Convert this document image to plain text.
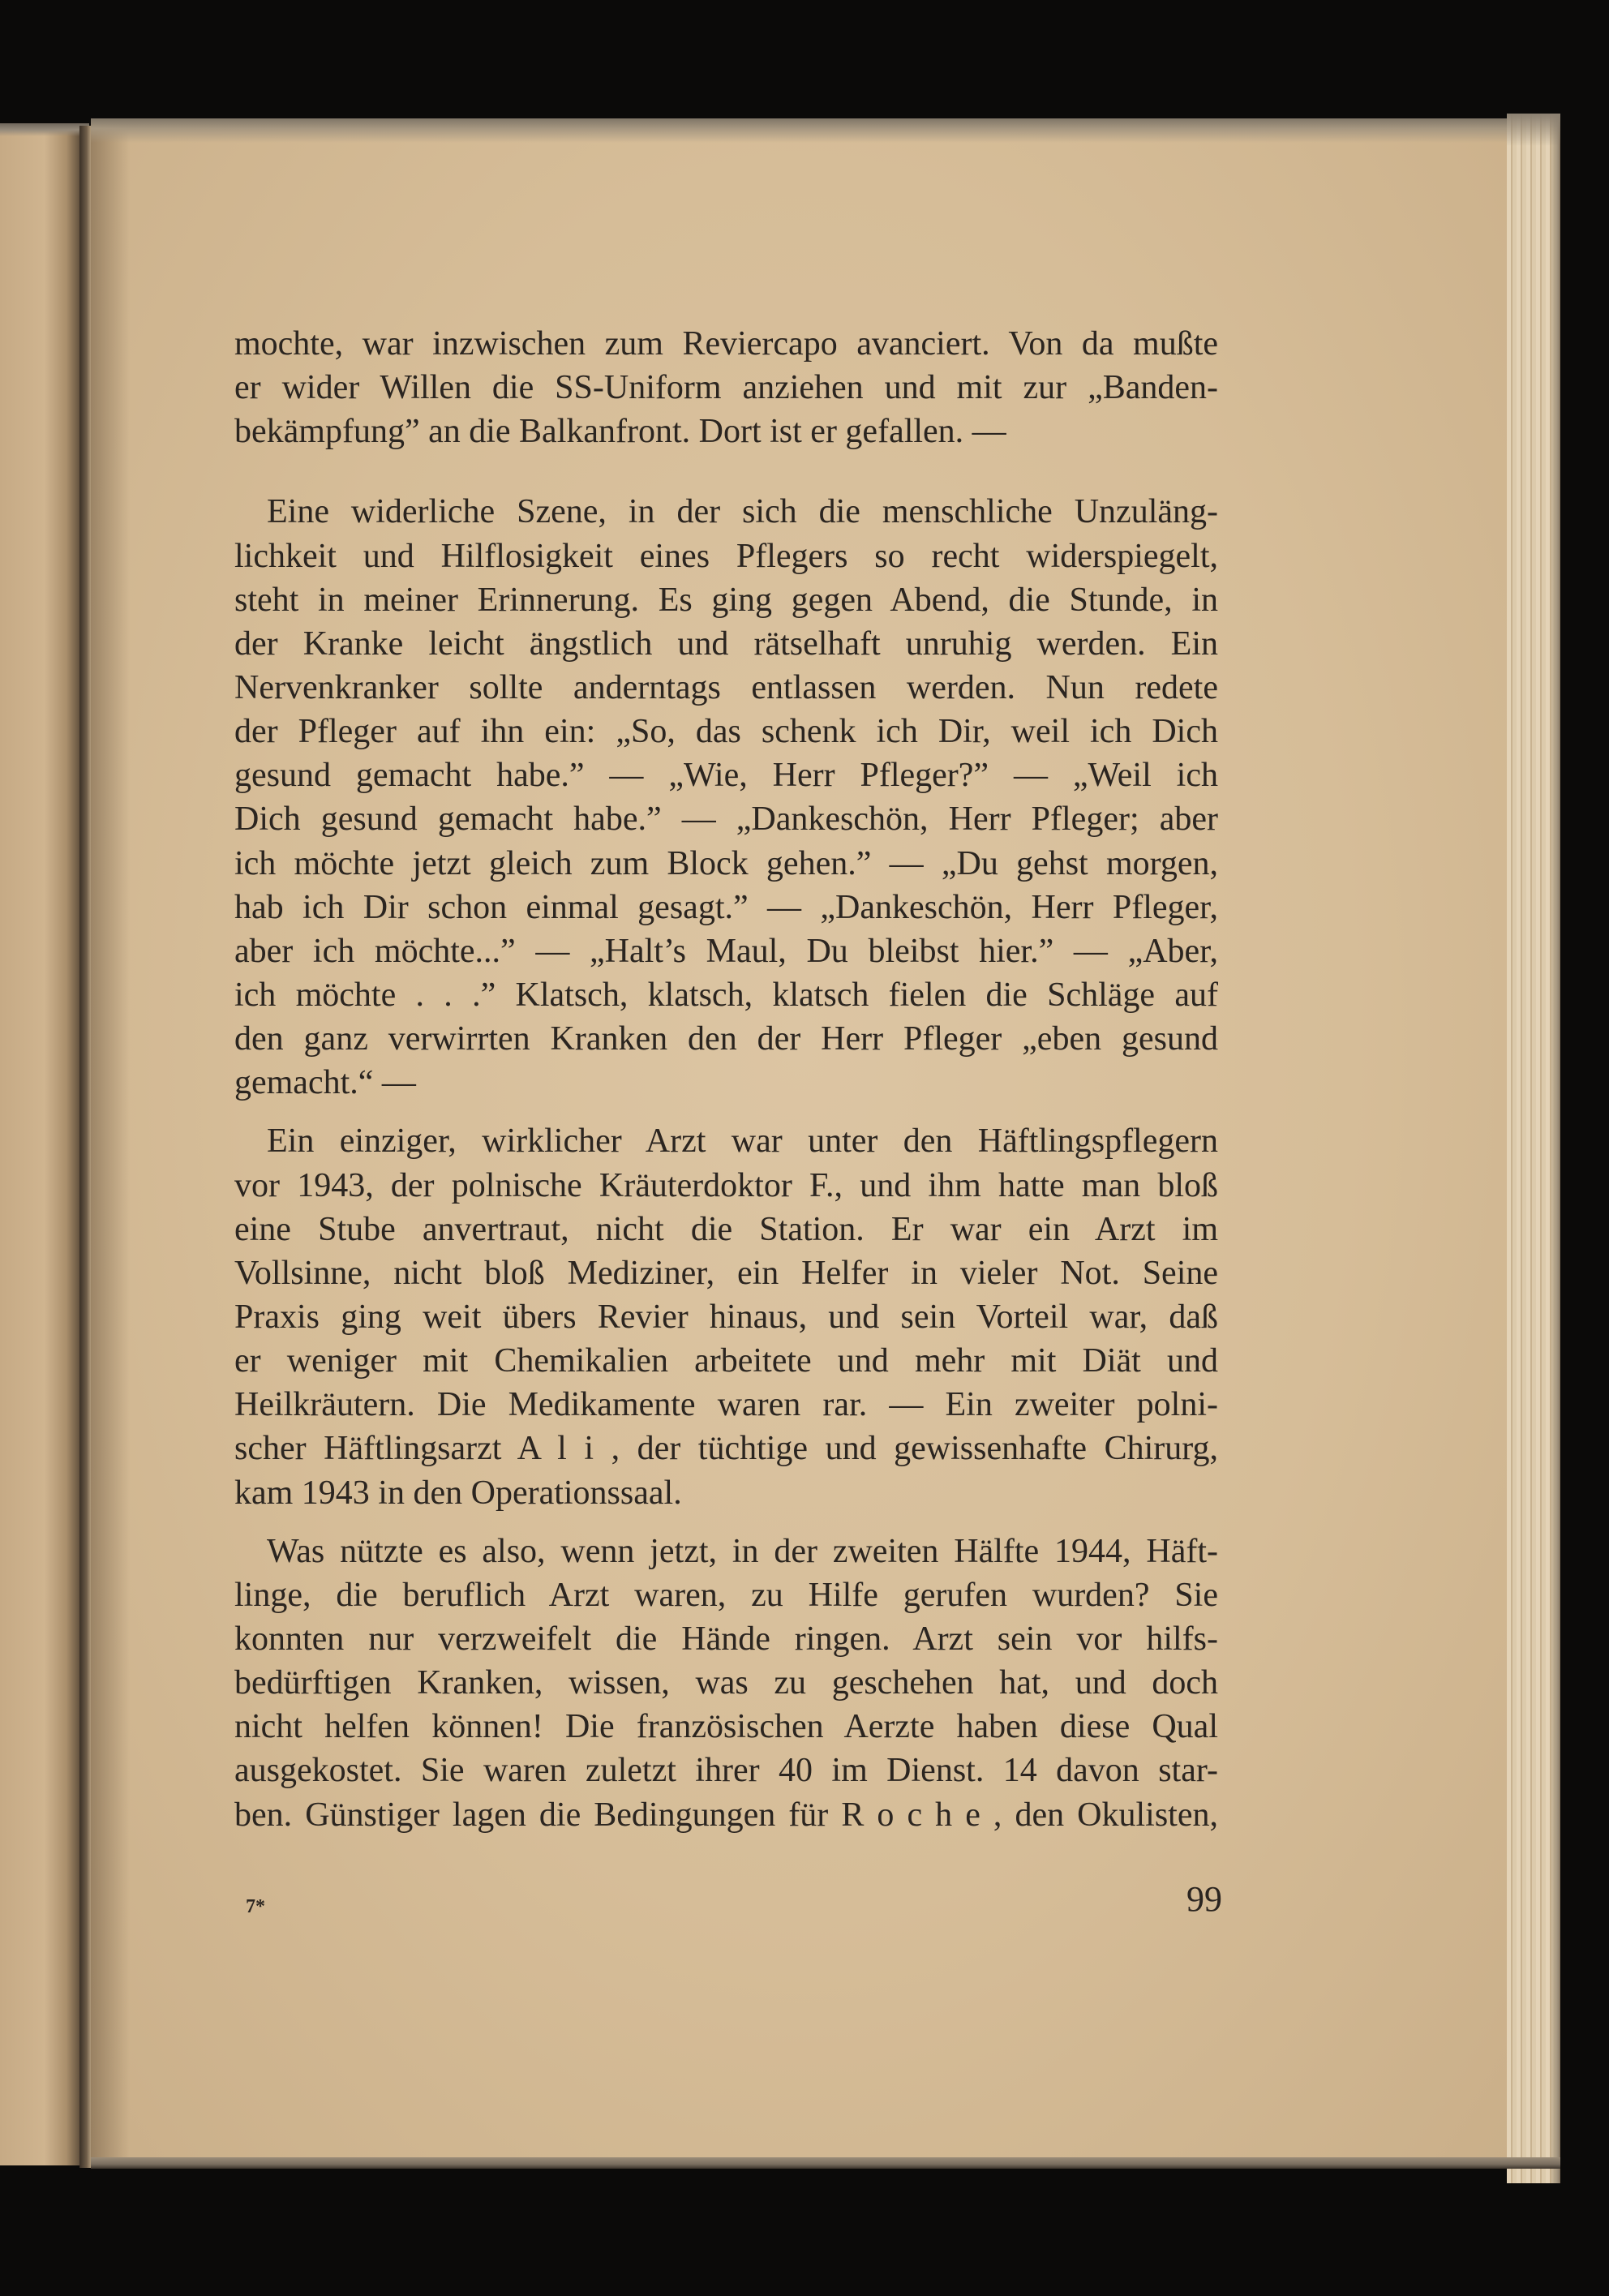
mochte, war inzwischen zum Reviercapo avanciert. Von da mußte
er wider Willen die SS-Uniform anziehen und mit zur „Banden-
bekämpfung” an die Balkanfront. Dort ist er gefallen. —
Eine widerliche Szene, in der sich die menschliche Unzuläng-
lichkeit und Hilflosigkeit eines Pflegers so recht widerspiegelt,
steht in meiner Erinnerung. Es ging gegen Abend, die Stunde, in
der Kranke leicht ängstlich und rätselhaft unruhig werden. Ein
Nervenkranker sollte anderntags entlassen werden. Nun redete
der Pfleger auf ihn ein: „So, das schenk ich Dir, weil ich Dich
gesund gemacht habe.” — „Wie, Herr Pfleger?” — „Weil ich
Dich gesund gemacht habe.” — „Dankeschön, Herr Pfleger; aber
ich möchte jetzt gleich zum Block gehen.” — „Du gehst morgen,
hab ich Dir schon einmal gesagt.” — „Dankeschön, Herr Pfleger,
aber ich möchte...” — „Halt’s Maul, Du bleibst hier.” — „Aber,
ich möchte . . .” Klatsch, klatsch, klatsch fielen die Schläge auf
den ganz verwirrten Kranken den der Herr Pfleger „eben gesund
gemacht.“ —
Ein einziger, wirklicher Arzt war unter den Häftlingspflegern
vor 1943, der polnische Kräuterdoktor F., und ihm hatte man bloß
eine Stube anvertraut, nicht die Station. Er war ein Arzt im
Vollsinne, nicht bloß Mediziner, ein Helfer in vieler Not. Seine
Praxis ging weit übers Revier hinaus, und sein Vorteil war, daß
er weniger mit Chemikalien arbeitete und mehr mit Diät und
Heilkräutern. Die Medikamente waren rar. — Ein zweiter polni-
scher Häftlingsarzt A l i , der tüchtige und gewissenhafte Chirurg,
kam 1943 in den Operationssaal.
Was nützte es also, wenn jetzt, in der zweiten Hälfte 1944, Häft-
linge, die beruflich Arzt waren, zu Hilfe gerufen wurden? Sie
konnten nur verzweifelt die Hände ringen. Arzt sein vor hilfs-
bedürftigen Kranken, wissen, was zu geschehen hat, und doch
nicht helfen können! Die französischen Aerzte haben diese Qual
ausgekostet. Sie waren zuletzt ihrer 40 im Dienst. 14 davon star-
ben. Günstiger lagen die Bedingungen für R o c h e , den Okulisten,
7*	99
